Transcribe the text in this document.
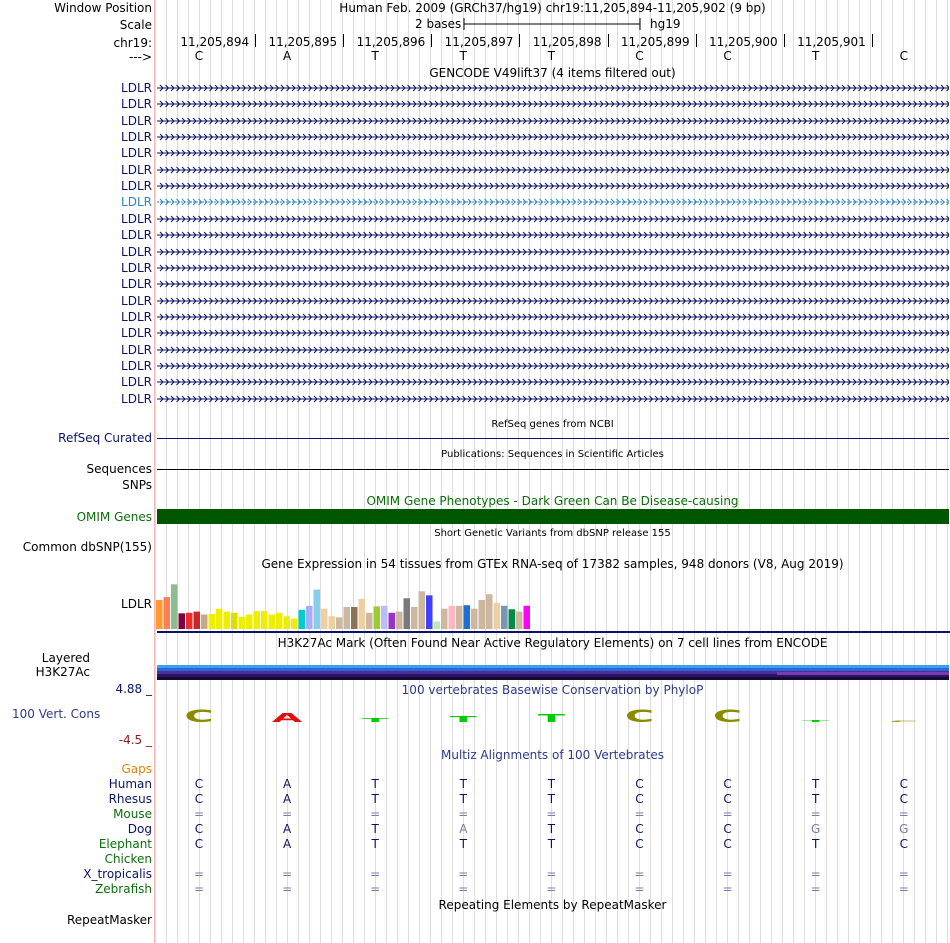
Window Position	Human Feb. 2009 (GRCh37/hg19) chr19:11,205,894-11,205,902 (9 bp)
Scale	2 bases	hg19
chr19:	11,205,894	11,205,895	11,205,896	11,205,897	11,205,898	11,205,899	11,205,900	11,205,901
--->	C	A	T	T	T	C	C	T	C
GENCODE V49lift37 (4 items filtered out)
LDLR
LDLR
LDLR
LDLR
LDLR
LDLR
LDLR
LDLR
LDLR
LDLR
LDLR
LDLR
LDLR
LDLR
LDLR
LDLR
LDLR
LDLR
LDLR
LDLR
RefSeq genes from NCBI
RefSeq Curated
Publications: Sequences in Scientific Articles
Sequences
SNPs
OMIM Gene Phenotypes - Dark Green Can Be Disease-causing
OMIM Genes
Short Genetic Variants from dbSNP release 155
Common dbSNP(155)
Gene Expression in 54 tissues from GTEx RNA-seq of 17382 samples, 948 donors (V8, Aug 2019)
LDLR
H3K27Ac Mark (Often Found Near Active Regulatory Elements) on 7 cell lines from ENCODE
Layered H3K27Ac
4.88 _	100 vertebrates Basewise Conservation by PhyloP
100 Vert. Cons
-4.5 _
C	A	T	T	T	C	C	T	C
Multiz Alignments of 100 Vertebrates
Gaps
Human	C	A	T	T	T	C	C	T	C
Rhesus	C	A	T	T	T	C	C	T	C
Mouse	=	=	=	=	=	=	=	=	=
Dog	C	A	T	A	T	C	C	G	G
Elephant	C	A	T	T	T	C	C	T	C
Chicken
X_tropicalis	=	=	=	=	=	=	=	=	=
Zebrafish	=	=	=	=	=	=	=	=	=
Repeating Elements by RepeatMasker
RepeatMasker
